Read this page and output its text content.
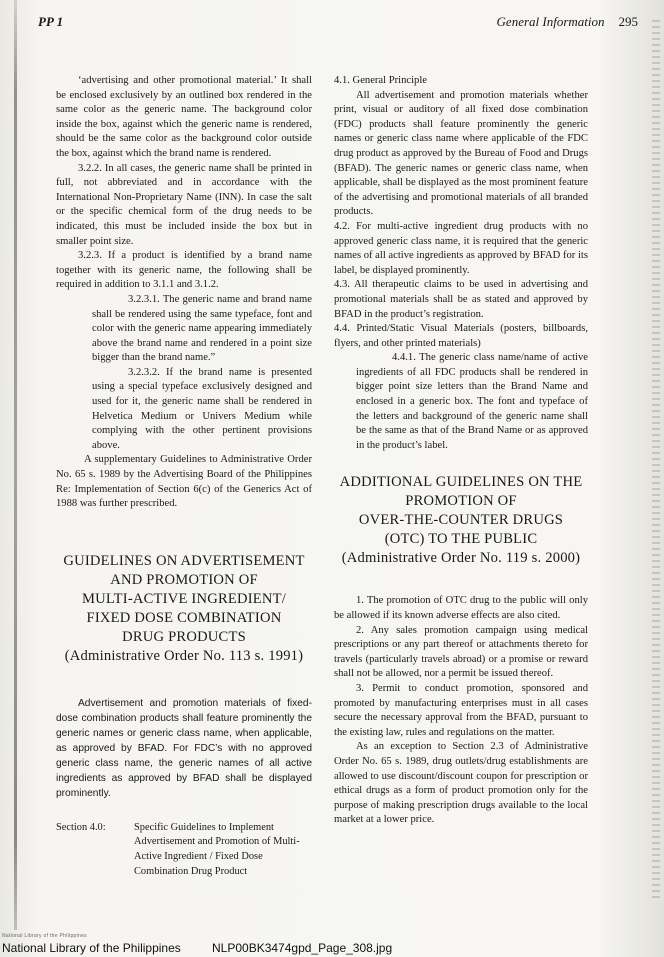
PP 1	General Information 295

‘advertising and other promotional material.’ It shall be enclosed exclusively by an outlined box rendered in the same color as the generic name. The background color inside the box, against which the generic name is rendered, should be the same color as the background color outside the box, against which the brand name is rendered.

3.2.2. In all cases, the generic name shall be printed in full, not abbreviated and in accordance with the International Non-Proprietary Name (INN). In case the salt or the specific chemical form of the drug needs to be indicated, this must be included inside the box but in smaller point size.

3.2.3. If a product is identified by a brand name together with its generic name, the following shall be required in addition to 3.1.1 and 3.1.2.

3.2.3.1. The generic name and brand name shall be rendered using the same typeface, font and color with the generic name appearing immediately above the brand name and rendered in a point size bigger than the brand name.”

3.2.3.2. If the brand name is presented using a special typeface exclusively designed and used for it, the generic name shall be rendered in Helvetica Medium or Univers Medium while complying with the other pertinent provisions above.

A supplementary Guidelines to Administrative Order No. 65 s. 1989 by the Advertising Board of the Philippines Re: Implementation of Section 6(c) of the Generics Act of 1988 was further prescribed.

GUIDELINES ON ADVERTISEMENT
AND PROMOTION OF
MULTI-ACTIVE INGREDIENT/
FIXED DOSE COMBINATION
DRUG PRODUCTS
(Administrative Order No. 113 s. 1991)

Advertisement and promotion materials of fixed-dose combination products shall feature prominently the generic names or generic class name, when applicable, as approved by BFAD. For FDC’s with no approved generic class name, the generic names of all active ingredients as approved by BFAD shall be displayed prominently.

Section 4.0:	Specific Guidelines to Implement Advertisement and Promotion of Multi-Active Ingredient / Fixed Dose Combination Drug Product

4.1. General Principle

All advertisement and promotion materials whether print, visual or auditory of all fixed dose combination (FDC) products shall feature prominently the generic names or generic class name where applicable of the FDC drug product as approved by the Bureau of Food and Drugs (BFAD). The generic names or generic class name, when applicable, shall be displayed as the most prominent feature of the advertising and promotional materials of all branded products.

4.2. For multi-active ingredient drug products with no approved generic class name, it is required that the generic names of all active ingredients as approved by BFAD for its label, be displayed prominently.

4.3. All therapeutic claims to be used in advertising and promotional materials shall be as stated and approved by BFAD in the product’s registration.

4.4. Printed/Static Visual Materials (posters, billboards, flyers, and other printed materials)

4.4.1. The generic class name/name of active ingredients of all FDC products shall be rendered in bigger point size letters than the Brand Name and enclosed in a generic box. The font and typeface of the letters and background of the generic name shall be the same as that of the Brand Name or as approved in the product’s label.

ADDITIONAL GUIDELINES ON THE
PROMOTION OF
OVER-THE-COUNTER DRUGS
(OTC) TO THE PUBLIC
(Administrative Order No. 119 s. 2000)

1. The promotion of OTC drug to the public will only be allowed if its known adverse effects are also cited.

2. Any sales promotion campaign using medical prescriptions or any part thereof or attachments thereto for travels (particularly travels abroad) or a promise or reward shall not be allowed, nor a permit be issued thereof.

3. Permit to conduct promotion, sponsored and promoted by manufacturing enterprises must in all cases secure the necessary approval from the BFAD, pursuant to the existing law, rules and regulations on the matter.

As an exception to Section 2.3 of Administrative Order No. 65 s. 1989, drug outlets/drug establishments are allowed to use discount/discount coupon for prescription or ethical drugs as a form of product promotion only for the purpose of making prescription drugs available to the local market at a lower price.

National Library of the Philippines
National Library of the Philippines	NLP00BK3474gpd_Page_308.jpg
